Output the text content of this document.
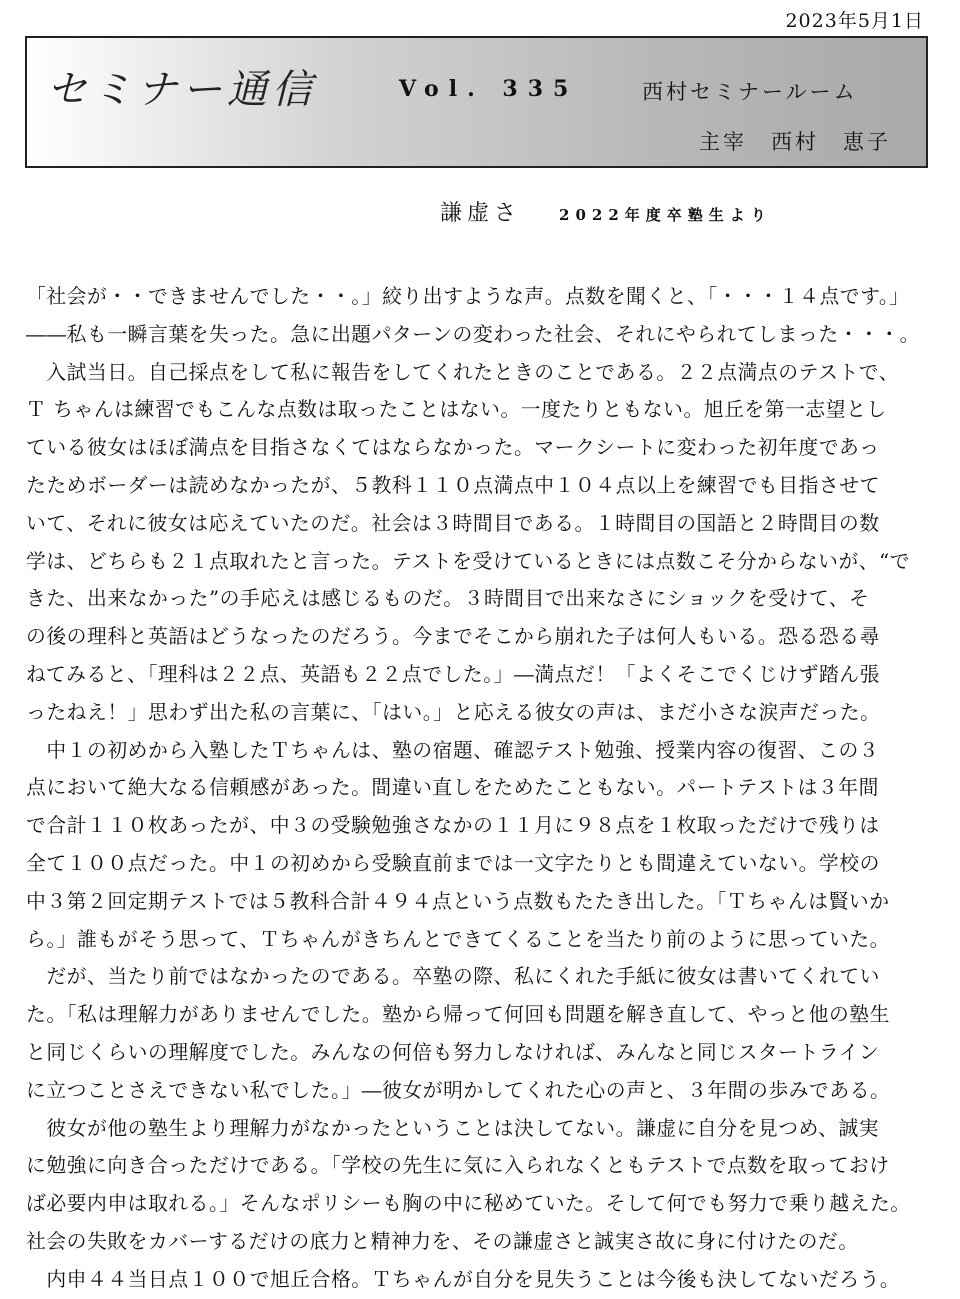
2023年5月1日
セミナー通信	Vol. 335	西村セミナールーム
主宰　西村　恵子
謙虚さ	2022年度卒塾生より
「社会が・・できませんでした・・。」絞り出すような声。点数を聞くと、「・・・１４点です。」
――私も一瞬言葉を失った。急に出題パターンの変わった社会、それにやられてしまった・・・。
　入試当日。自己採点をして私に報告をしてくれたときのことである。２２点満点のテストで、
Ｔ ちゃんは練習でもこんな点数は取ったことはない。一度たりともない。旭丘を第一志望とし
ている彼女はほぼ満点を目指さなくてはならなかった。マークシートに変わった初年度であっ
たためボーダーは読めなかったが、５教科１１０点満点中１０４点以上を練習でも目指させて
いて、それに彼女は応えていたのだ。社会は３時間目である。１時間目の国語と２時間目の数
学は、どちらも２１点取れたと言った。テストを受けているときには点数こそ分からないが、“で
きた、出来なかった”の手応えは感じるものだ。３時間目で出来なさにショックを受けて、そ
の後の理科と英語はどうなったのだろう。今までそこから崩れた子は何人もいる。恐る恐る尋
ねてみると、「理科は２２点、英語も２２点でした。」―満点だ！「よくそこでくじけず踏ん張
ったねえ！」思わず出た私の言葉に、「はい。」と応える彼女の声は、まだ小さな涙声だった。
　中１の初めから入塾したＴちゃんは、塾の宿題、確認テスト勉強、授業内容の復習、この３
点において絶大なる信頼感があった。間違い直しをためたこともない。パートテストは３年間
で合計１１０枚あったが、中３の受験勉強さなかの１１月に９８点を１枚取っただけで残りは
全て１００点だった。中１の初めから受験直前までは一文字たりとも間違えていない。学校の
中３第２回定期テストでは５教科合計４９４点という点数もたたき出した。「Ｔちゃんは賢いか
ら。」誰もがそう思って、Ｔちゃんがきちんとできてくることを当たり前のように思っていた。
　だが、当たり前ではなかったのである。卒塾の際、私にくれた手紙に彼女は書いてくれてい
た。「私は理解力がありませんでした。塾から帰って何回も問題を解き直して、やっと他の塾生
と同じくらいの理解度でした。みんなの何倍も努力しなければ、みんなと同じスタートライン
に立つことさえできない私でした。」―彼女が明かしてくれた心の声と、３年間の歩みである。
　彼女が他の塾生より理解力がなかったということは決してない。謙虚に自分を見つめ、誠実
に勉強に向き合っただけである。「学校の先生に気に入られなくともテストで点数を取っておけ
ば必要内申は取れる。」そんなポリシーも胸の中に秘めていた。そして何でも努力で乗り越えた。
社会の失敗をカバーするだけの底力と精神力を、その謙虚さと誠実さ故に身に付けたのだ。
　内申４４当日点１００で旭丘合格。Ｔちゃんが自分を見失うことは今後も決してないだろう。
